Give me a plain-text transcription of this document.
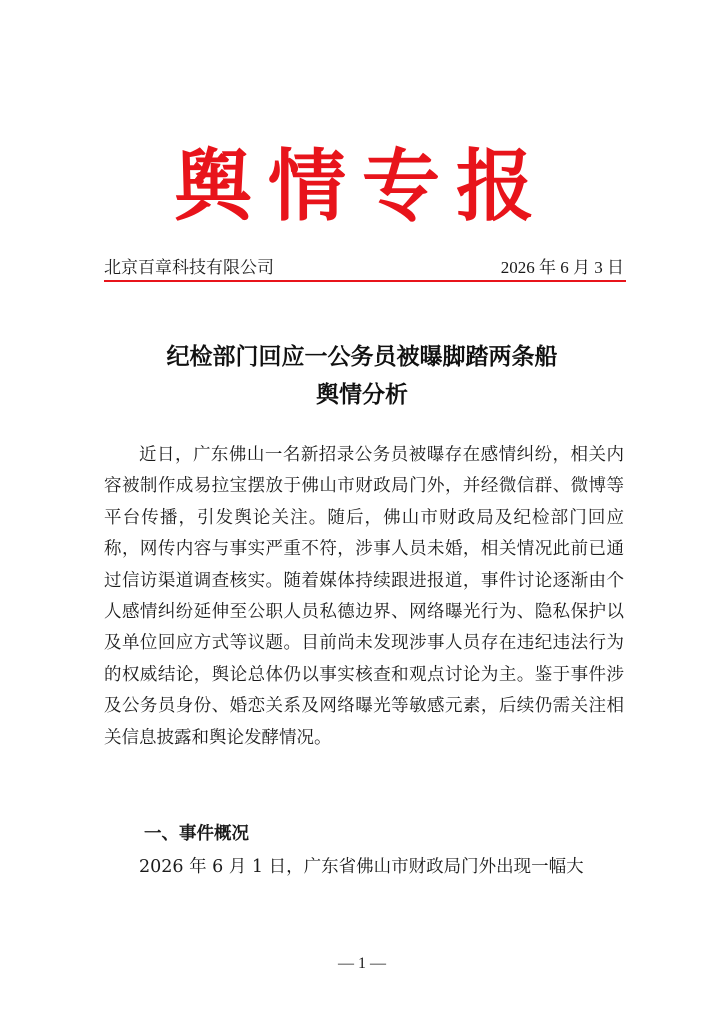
舆情专报
北京百章科技有限公司	2026 年 6 月 3 日
纪检部门回应一公务员被曝脚踏两条船
舆情分析

近日，广东佛山一名新招录公务员被曝存在感情纠纷，相关内容被制作成易拉宝摆放于佛山市财政局门外，并经微信群、微博等平台传播，引发舆论关注。随后，佛山市财政局及纪检部门回应称，网传内容与事实严重不符，涉事人员未婚，相关情况此前已通过信访渠道调查核实。随着媒体持续跟进报道，事件讨论逐渐由个人感情纠纷延伸至公职人员私德边界、网络曝光行为、隐私保护以及单位回应方式等议题。目前尚未发现涉事人员存在违纪违法行为的权威结论，舆论总体仍以事实核查和观点讨论为主。鉴于事件涉及公务员身份、婚恋关系及网络曝光等敏感元素，后续仍需关注相关信息披露和舆论发酵情况。

一、事件概况

2026 年 6 月 1 日，广东省佛山市财政局门外出现一幅大

— 1 —
